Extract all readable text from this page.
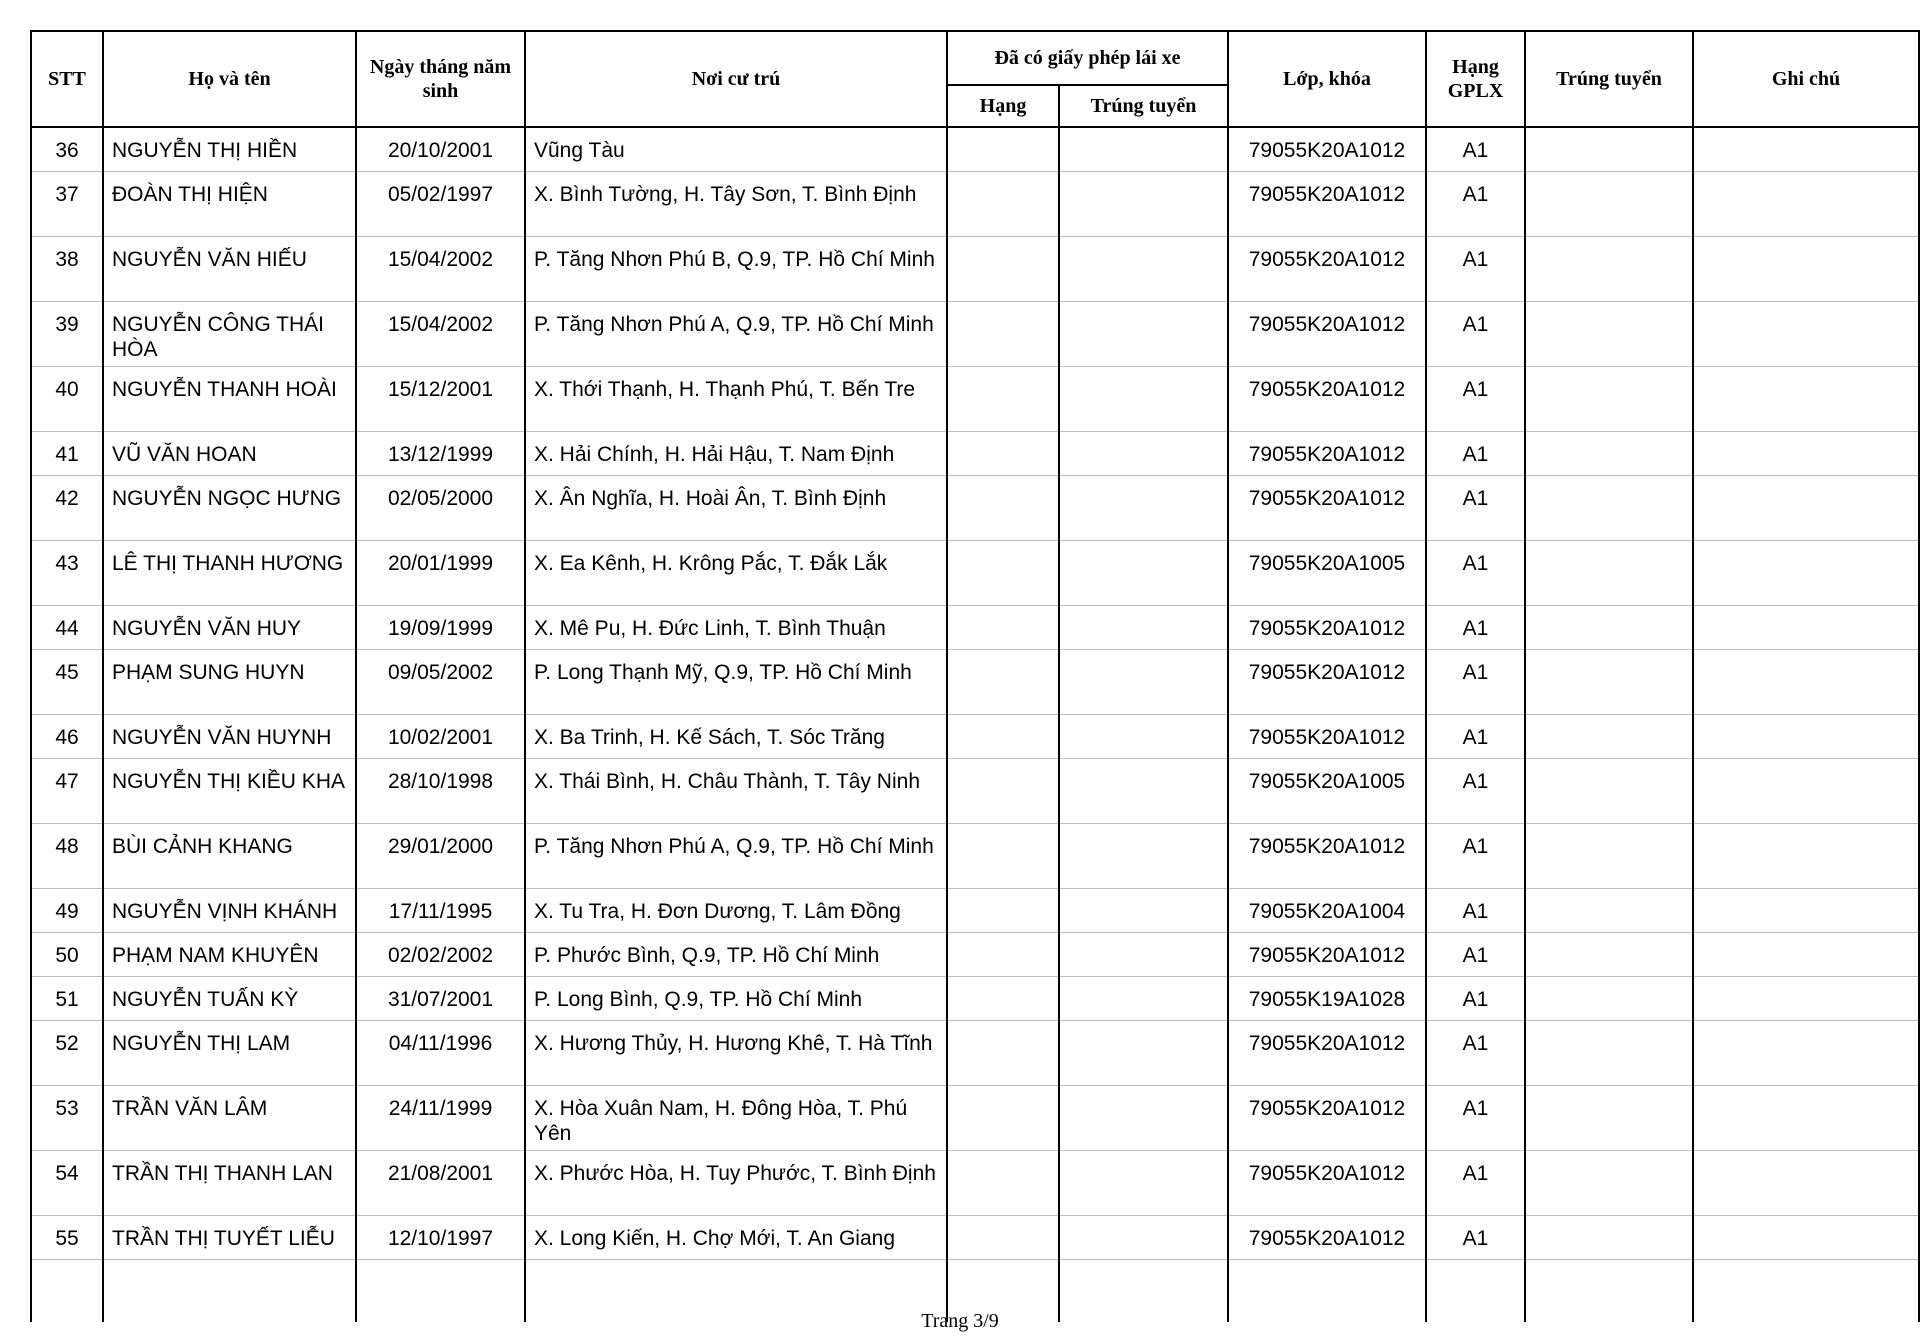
STT	Họ và tên	Ngày tháng năm sinh	Nơi cư trú	Đã có giấy phép lái xe		Lớp, khóa	Hạng GPLX	Trúng tuyển	Ghi chú
				Hạng	Trúng tuyển				
36	NGUYỄN THỊ HIỀN	20/10/2001	Vũng Tàu			79055K20A1012	A1		
37	ĐOÀN THỊ HIỆN	05/02/1997	X. Bình Tường, H. Tây Sơn, T. Bình Định			79055K20A1012	A1		
38	NGUYỄN VĂN HIẾU	15/04/2002	P. Tăng Nhơn Phú B, Q.9, TP. Hồ Chí Minh			79055K20A1012	A1		
39	NGUYỄN CÔNG THÁI HÒA	15/04/2002	P. Tăng Nhơn Phú A, Q.9, TP. Hồ Chí Minh			79055K20A1012	A1		
40	NGUYỄN THANH HOÀI	15/12/2001	X. Thới Thạnh, H. Thạnh Phú, T. Bến Tre			79055K20A1012	A1		
41	VŨ VĂN HOAN	13/12/1999	X. Hải Chính, H. Hải Hậu, T. Nam Định			79055K20A1012	A1		
42	NGUYỄN NGỌC HƯNG	02/05/2000	X. Ân Nghĩa, H. Hoài Ân, T. Bình Định			79055K20A1012	A1		
43	LÊ THỊ THANH HƯƠNG	20/01/1999	X. Ea Kênh, H. Krông Pắc, T. Đắk Lắk			79055K20A1005	A1		
44	NGUYỄN VĂN HUY	19/09/1999	X. Mê Pu, H. Đức Linh, T. Bình Thuận			79055K20A1012	A1		
45	PHẠM SUNG HUYN	09/05/2002	P. Long Thạnh Mỹ, Q.9, TP. Hồ Chí Minh			79055K20A1012	A1		
46	NGUYỄN VĂN HUYNH	10/02/2001	X. Ba Trinh, H. Kế Sách, T. Sóc Trăng			79055K20A1012	A1		
47	NGUYỄN THỊ KIỀU KHA	28/10/1998	X. Thái Bình, H. Châu Thành, T. Tây Ninh			79055K20A1005	A1		
48	BÙI CẢNH KHANG	29/01/2000	P. Tăng Nhơn Phú A, Q.9, TP. Hồ Chí Minh			79055K20A1012	A1		
49	NGUYỄN VỊNH KHÁNH	17/11/1995	X. Tu Tra, H. Đơn Dương, T. Lâm Đồng			79055K20A1004	A1		
50	PHẠM NAM KHUYÊN	02/02/2002	P. Phước Bình, Q.9, TP. Hồ Chí Minh			79055K20A1012	A1		
51	NGUYỄN TUẤN KỲ	31/07/2001	P. Long Bình, Q.9, TP. Hồ Chí Minh			79055K19A1028	A1		
52	NGUYỄN THỊ LAM	04/11/1996	X. Hương Thủy, H. Hương Khê, T. Hà Tĩnh			79055K20A1012	A1		
53	TRẦN VĂN LÂM	24/11/1999	X. Hòa Xuân Nam, H. Đông Hòa, T. Phú Yên			79055K20A1012	A1		
54	TRẦN THỊ THANH LAN	21/08/2001	X. Phước Hòa, H. Tuy Phước, T. Bình Định			79055K20A1012	A1		
55	TRẦN THỊ TUYẾT LIỄU	12/10/1997	X. Long Kiến, H. Chợ Mới, T. An Giang			79055K20A1012	A1		

Trang 3/9
